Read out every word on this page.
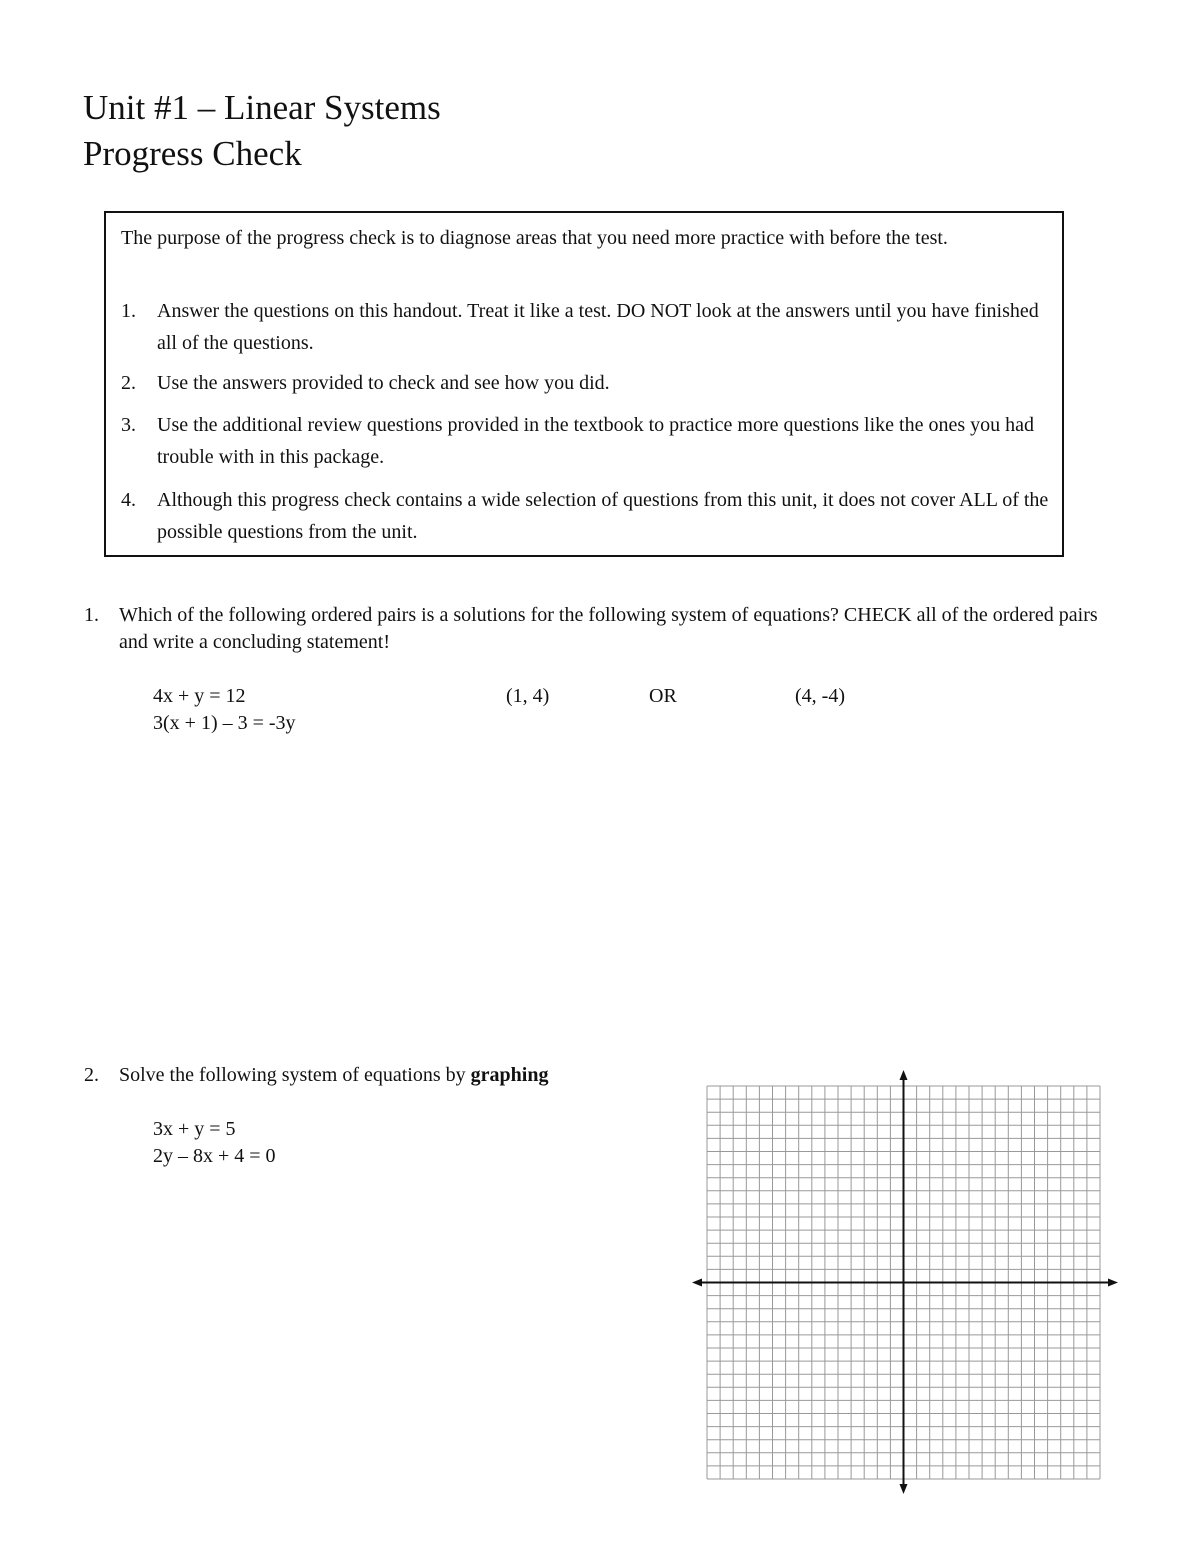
Unit #1 – Linear Systems
Progress Check
The purpose of the progress check is to diagnose areas that you need more practice with before the test.
1. Answer the questions on this handout. Treat it like a test. DO NOT look at the answers until you have finished all of the questions.
2. Use the answers provided to check and see how you did.
3. Use the additional review questions provided in the textbook to practice more questions like the ones you had trouble with in this package.
4. Although this progress check contains a wide selection of questions from this unit, it does not cover ALL of the possible questions from the unit.
1. Which of the following ordered pairs is a solutions for the following system of equations? CHECK all of the ordered pairs and write a concluding statement!
4x + y = 12
3(x + 1) – 3 = -3y
(1, 4)	OR	(4, -4)
2. Solve the following system of equations by graphing
3x + y = 5
2y – 8x + 4 = 0
